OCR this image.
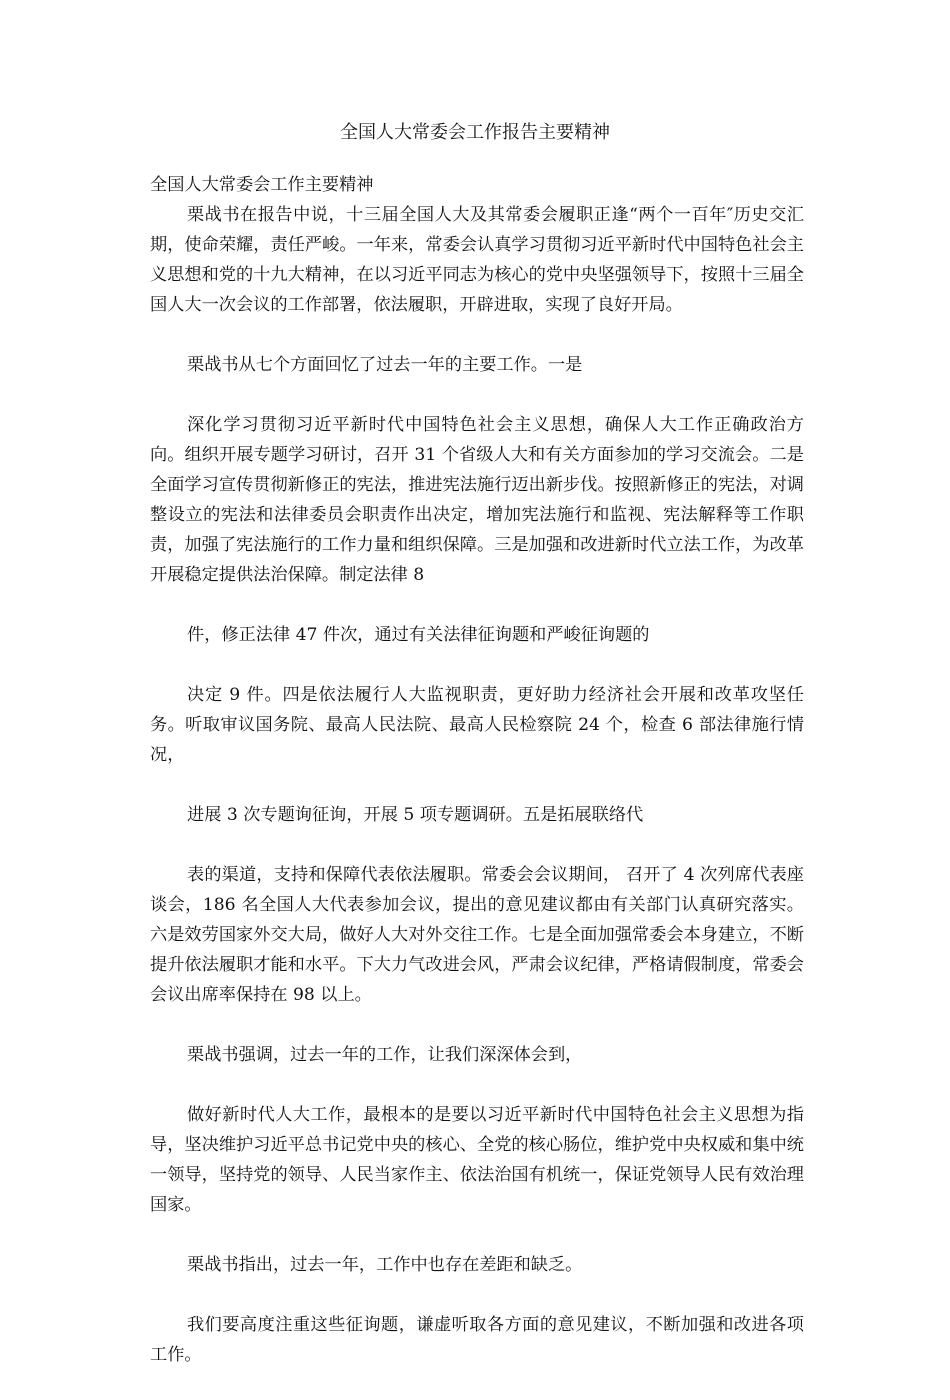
全国人大常委会工作报告主要精神

全国人大常委会工作主要精神

栗战书在报告中说，十三届全国人大及其常委会履职正逢“两个一百年″历史交汇期，使命荣耀，责任严峻。一年来，常委会认真学习贯彻习近平新时代中国特色社会主义思想和党的十九大精神，在以习近平同志为核心的党中央坚强领导下，按照十三届全国人大一次会议的工作部署，依法履职，开辟进取，实现了良好开局。

栗战书从七个方面回忆了过去一年的主要工作。一是

深化学习贯彻习近平新时代中国特色社会主义思想，确保人大工作正确政治方向。组织开展专题学习研讨，召开 31 个省级人大和有关方面参加的学习交流会。二是全面学习宣传贯彻新修正的宪法，推进宪法施行迈出新步伐。按照新修正的宪法，对调整设立的宪法和法律委员会职责作出决定，增加宪法施行和监视、宪法解释等工作职责，加强了宪法施行的工作力量和组织保障。三是加强和改进新时代立法工作，为改革开展稳定提供法治保障。制定法律 8

件，修正法律 47 件次，通过有关法律征询题和严峻征询题的

决定 9 件。四是依法履行人大监视职责，更好助力经济社会开展和改革攻坚任务。听取审议国务院、最高人民法院、最高人民检察院 24 个，检查 6 部法律施行情况，

进展 3 次专题询征询，开展 5 项专题调研。五是拓展联络代

表的渠道，支持和保障代表依法履职。常委会会议期间， 召开了 4 次列席代表座谈会，186 名全国人大代表参加会议，提出的意见建议都由有关部门认真研究落实。六是效劳国家外交大局，做好人大对外交往工作。七是全面加强常委会本身建立，不断提升依法履职才能和水平。下大力气改进会风，严肃会议纪律，严格请假制度，常委会会议出席率保持在 98 以上。

栗战书强调，过去一年的工作，让我们深深体会到，

做好新时代人大工作，最根本的是要以习近平新时代中国特色社会主义思想为指导，坚决维护习近平总书记党中央的核心、全党的核心肠位，维护党中央权威和集中统一领导，坚持党的领导、人民当家作主、依法治国有机统一，保证党领导人民有效治理国家。

栗战书指出，过去一年，工作中也存在差距和缺乏。

我们要高度注重这些征询题，谦虚听取各方面的意见建议，不断加强和改进各项工作。
